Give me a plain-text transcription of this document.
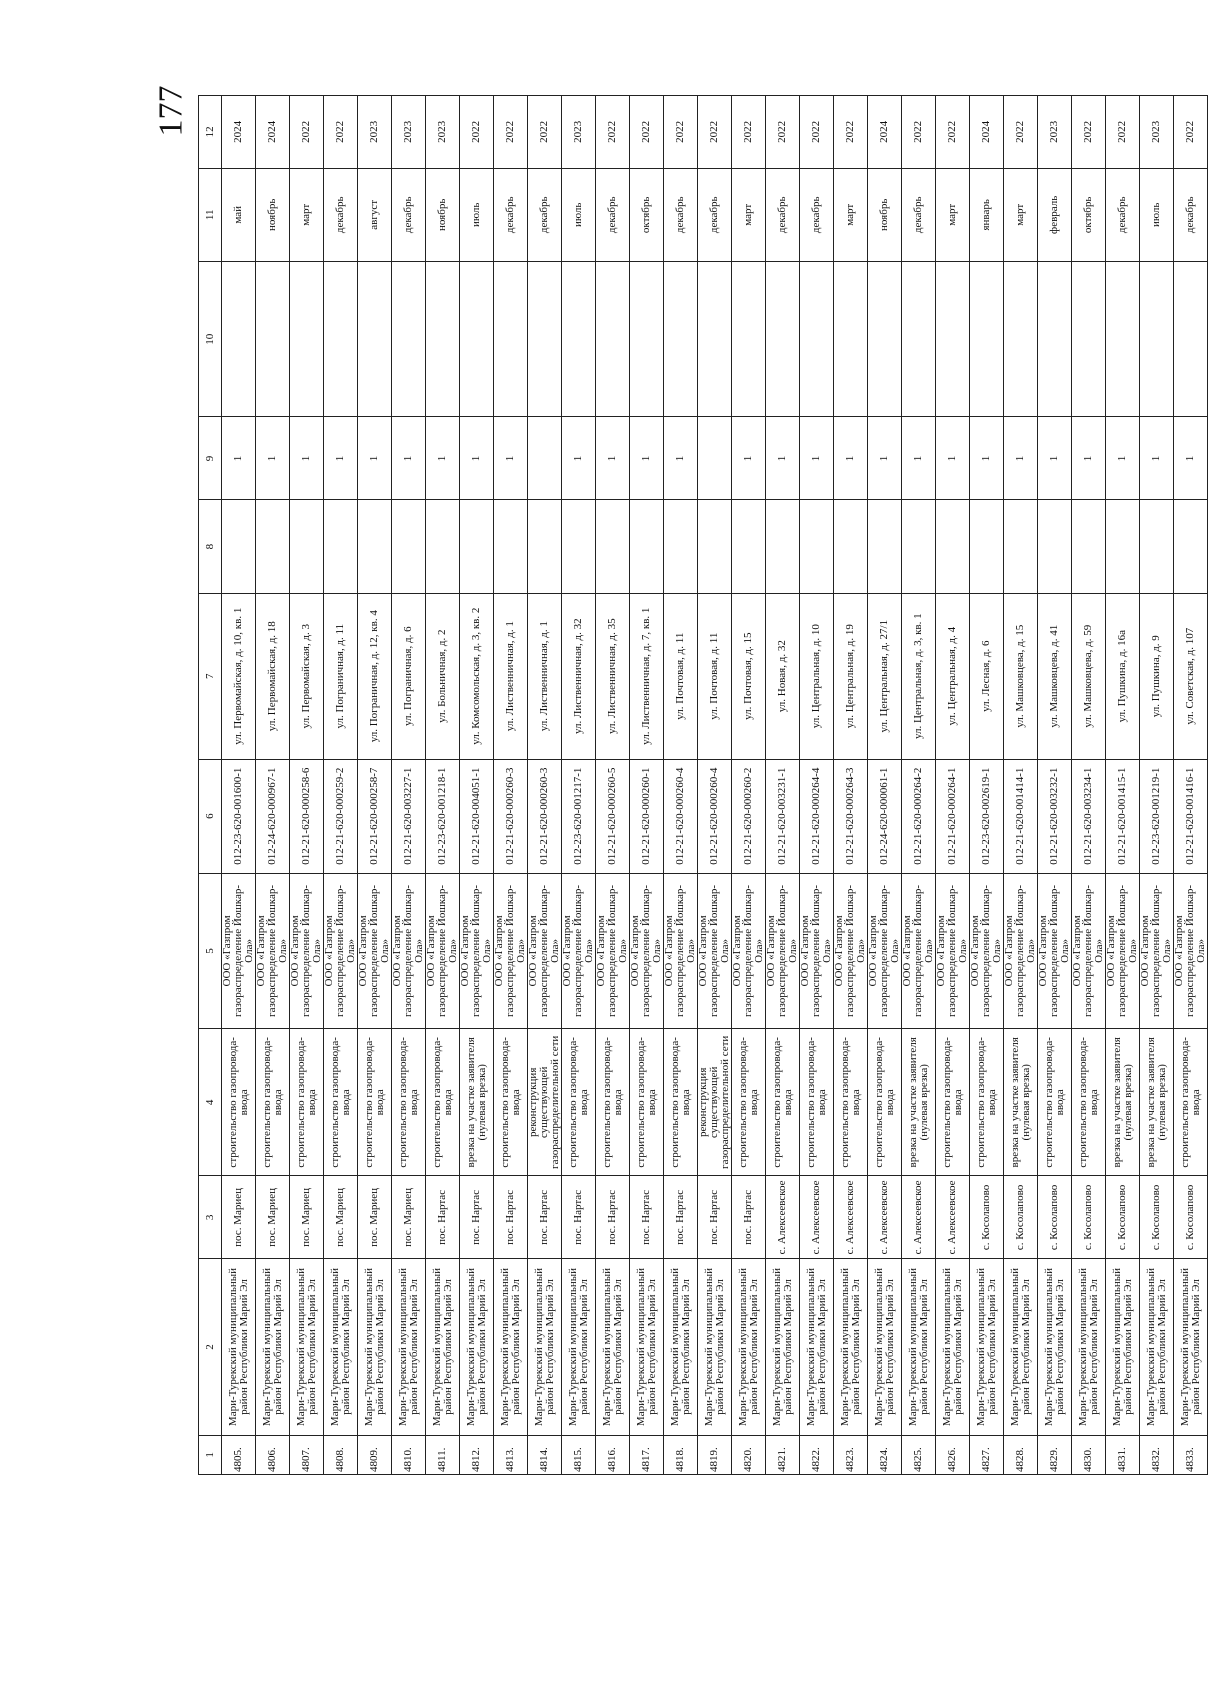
177
1	2	3	4	5	6	7	8	9	10	11	12
4805.	Мари-Турекский муниципальный район Республики Марий Эл	пос. Мариец	строительство газопровода-ввода	ООО «Газпром газораспределение Йошкар-Ола»	012-23-620-001600-1	ул. Первомайская, д. 10, кв. 1		1		май	2024
4806.	Мари-Турекский муниципальный район Республики Марий Эл	пос. Мариец	строительство газопровода-ввода	ООО «Газпром газораспределение Йошкар-Ола»	012-24-620-000967-1	ул. Первомайская, д. 18		1		ноябрь	2024
4807.	Мари-Турекский муниципальный район Республики Марий Эл	пос. Мариец	строительство газопровода-ввода	ООО «Газпром газораспределение Йошкар-Ола»	012-21-620-000258-6	ул. Первомайская, д. 3		1		март	2022
4808.	Мари-Турекский муниципальный район Республики Марий Эл	пос. Мариец	строительство газопровода-ввода	ООО «Газпром газораспределение Йошкар-Ола»	012-21-620-000259-2	ул. Пограничная, д. 11		1		декабрь	2022
4809.	Мари-Турекский муниципальный район Республики Марий Эл	пос. Мариец	строительство газопровода-ввода	ООО «Газпром газораспределение Йошкар-Ола»	012-21-620-000258-7	ул. Пограничная, д. 12, кв. 4		1		август	2023
4810.	Мари-Турекский муниципальный район Республики Марий Эл	пос. Мариец	строительство газопровода-ввода	ООО «Газпром газораспределение Йошкар-Ола»	012-21-620-003227-1	ул. Пограничная, д. 6		1		декабрь	2023
4811.	Мари-Турекский муниципальный район Республики Марий Эл	пос. Нартас	строительство газопровода-ввода	ООО «Газпром газораспределение Йошкар-Ола»	012-23-620-001218-1	ул. Больничная, д. 2		1		ноябрь	2023
4812.	Мари-Турекский муниципальный район Республики Марий Эл	пос. Нартас	врезка на участке заявителя (нулевая врезка)	ООО «Газпром газораспределение Йошкар-Ола»	012-21-620-004051-1	ул. Комсомольская, д. 3, кв. 2		1		июль	2022
4813.	Мари-Турекский муниципальный район Республики Марий Эл	пос. Нартас	строительство газопровода-ввода	ООО «Газпром газораспределение Йошкар-Ола»	012-21-620-000260-3	ул. Лиственничная, д. 1		1		декабрь	2022
4814.	Мари-Турекский муниципальный район Республики Марий Эл	пос. Нартас	реконструкция существующей газораспределительной сети	ООО «Газпром газораспределение Йошкар-Ола»	012-21-620-000260-3	ул. Лиственничная, д. 1				декабрь	2022
4815.	Мари-Турекский муниципальный район Республики Марий Эл	пос. Нартас	строительство газопровода-ввода	ООО «Газпром газораспределение Йошкар-Ола»	012-23-620-001217-1	ул. Лиственничная, д. 32		1		июль	2023
4816.	Мари-Турекский муниципальный район Республики Марий Эл	пос. Нартас	строительство газопровода-ввода	ООО «Газпром газораспределение Йошкар-Ола»	012-21-620-000260-5	ул. Лиственничная, д. 35		1		декабрь	2022
4817.	Мари-Турекский муниципальный район Республики Марий Эл	пос. Нартас	строительство газопровода-ввода	ООО «Газпром газораспределение Йошкар-Ола»	012-21-620-000260-1	ул. Лиственничная, д. 7, кв. 1		1		октябрь	2022
4818.	Мари-Турекский муниципальный район Республики Марий Эл	пос. Нартас	строительство газопровода-ввода	ООО «Газпром газораспределение Йошкар-Ола»	012-21-620-000260-4	ул. Почтовая, д. 11		1		декабрь	2022
4819.	Мари-Турекский муниципальный район Республики Марий Эл	пос. Нартас	реконструкция существующей газораспределительной сети	ООО «Газпром газораспределение Йошкар-Ола»	012-21-620-000260-4	ул. Почтовая, д. 11				декабрь	2022
4820.	Мари-Турекский муниципальный район Республики Марий Эл	пос. Нартас	строительство газопровода-ввода	ООО «Газпром газораспределение Йошкар-Ола»	012-21-620-000260-2	ул. Почтовая, д. 15		1		март	2022
4821.	Мари-Турекский муниципальный район Республики Марий Эл	с. Алексеевское	строительство газопровода-ввода	ООО «Газпром газораспределение Йошкар-Ола»	012-21-620-003231-1	ул. Новая, д. 32		1		декабрь	2022
4822.	Мари-Турекский муниципальный район Республики Марий Эл	с. Алексеевское	строительство газопровода-ввода	ООО «Газпром газораспределение Йошкар-Ола»	012-21-620-000264-4	ул. Центральная, д. 10		1		декабрь	2022
4823.	Мари-Турекский муниципальный район Республики Марий Эл	с. Алексеевское	строительство газопровода-ввода	ООО «Газпром газораспределение Йошкар-Ола»	012-21-620-000264-3	ул. Центральная, д. 19		1		март	2022
4824.	Мари-Турекский муниципальный район Республики Марий Эл	с. Алексеевское	строительство газопровода-ввода	ООО «Газпром газораспределение Йошкар-Ола»	012-24-620-000061-1	ул. Центральная, д. 27/1		1		ноябрь	2024
4825.	Мари-Турекский муниципальный район Республики Марий Эл	с. Алексеевское	врезка на участке заявителя (нулевая врезка)	ООО «Газпром газораспределение Йошкар-Ола»	012-21-620-000264-2	ул. Центральная, д. 3, кв. 1		1		декабрь	2022
4826.	Мари-Турекский муниципальный район Республики Марий Эл	с. Алексеевское	строительство газопровода-ввода	ООО «Газпром газораспределение Йошкар-Ола»	012-21-620-000264-1	ул. Центральная, д. 4		1		март	2022
4827.	Мари-Турекский муниципальный район Республики Марий Эл	с. Косолапово	строительство газопровода-ввода	ООО «Газпром газораспределение Йошкар-Ола»	012-23-620-002619-1	ул. Лесная, д. 6		1		январь	2024
4828.	Мари-Турекский муниципальный район Республики Марий Эл	с. Косолапово	врезка на участке заявителя (нулевая врезка)	ООО «Газпром газораспределение Йошкар-Ола»	012-21-620-001414-1	ул. Машковцева, д. 15		1		март	2022
4829.	Мари-Турекский муниципальный район Республики Марий Эл	с. Косолапово	строительство газопровода-ввода	ООО «Газпром газораспределение Йошкар-Ола»	012-21-620-003232-1	ул. Машковцева, д. 41		1		февраль	2023
4830.	Мари-Турекский муниципальный район Республики Марий Эл	с. Косолапово	строительство газопровода-ввода	ООО «Газпром газораспределение Йошкар-Ола»	012-21-620-003234-1	ул. Машковцева, д. 59		1		октябрь	2022
4831.	Мари-Турекский муниципальный район Республики Марий Эл	с. Косолапово	врезка на участке заявителя (нулевая врезка)	ООО «Газпром газораспределение Йошкар-Ола»	012-21-620-001415-1	ул. Пушкина, д. 16а		1		декабрь	2022
4832.	Мари-Турекский муниципальный район Республики Марий Эл	с. Косолапово	врезка на участке заявителя (нулевая врезка)	ООО «Газпром газораспределение Йошкар-Ола»	012-23-620-001219-1	ул. Пушкина, д. 9		1		июль	2023
4833.	Мари-Турекский муниципальный район Республики Марий Эл	с. Косолапово	строительство газопровода-ввода	ООО «Газпром газораспределение Йошкар-Ола»	012-21-620-001416-1	ул. Советская, д. 107		1		декабрь	2022
